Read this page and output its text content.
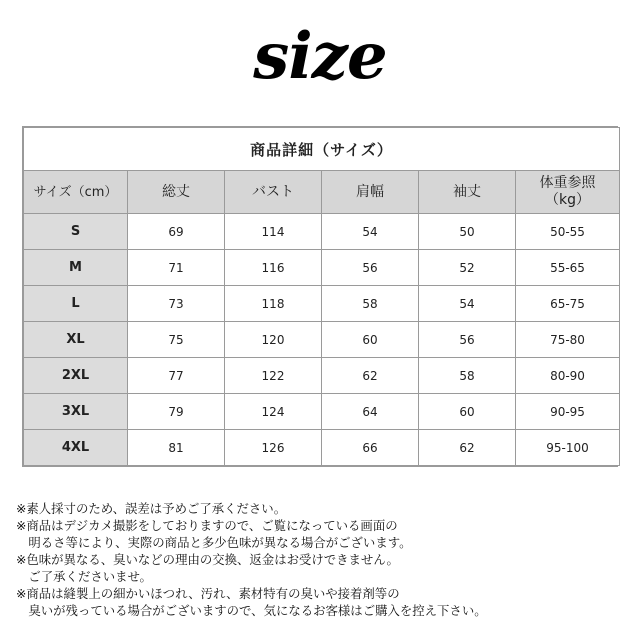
size
商品詳細（サイズ）					
サイズ（cm）	総丈	バスト	肩幅	袖丈	体重参照
（kg）
S	69	114	54	50	50-55
M	71	116	56	52	55-65
L	73	118	58	54	65-75
XL	75	120	60	56	75-80
2XL	77	122	62	58	80-90
3XL	79	124	64	60	90-95
4XL	81	126	66	62	95-100
※素人採寸のため、誤差は予めご了承ください。
※商品はデジカメ撮影をしておりますので、ご覧になっている画面の
　明るさ等により、実際の商品と多少色味が異なる場合がございます。
※色味が異なる、臭いなどの理由の交換、返金はお受けできません。
　ご了承くださいませ。
※商品は縫製上の細かいほつれ、汚れ、素材特有の臭いや接着剤等の
　臭いが残っている場合がございますので、気になるお客様はご購入を控え下さい。
